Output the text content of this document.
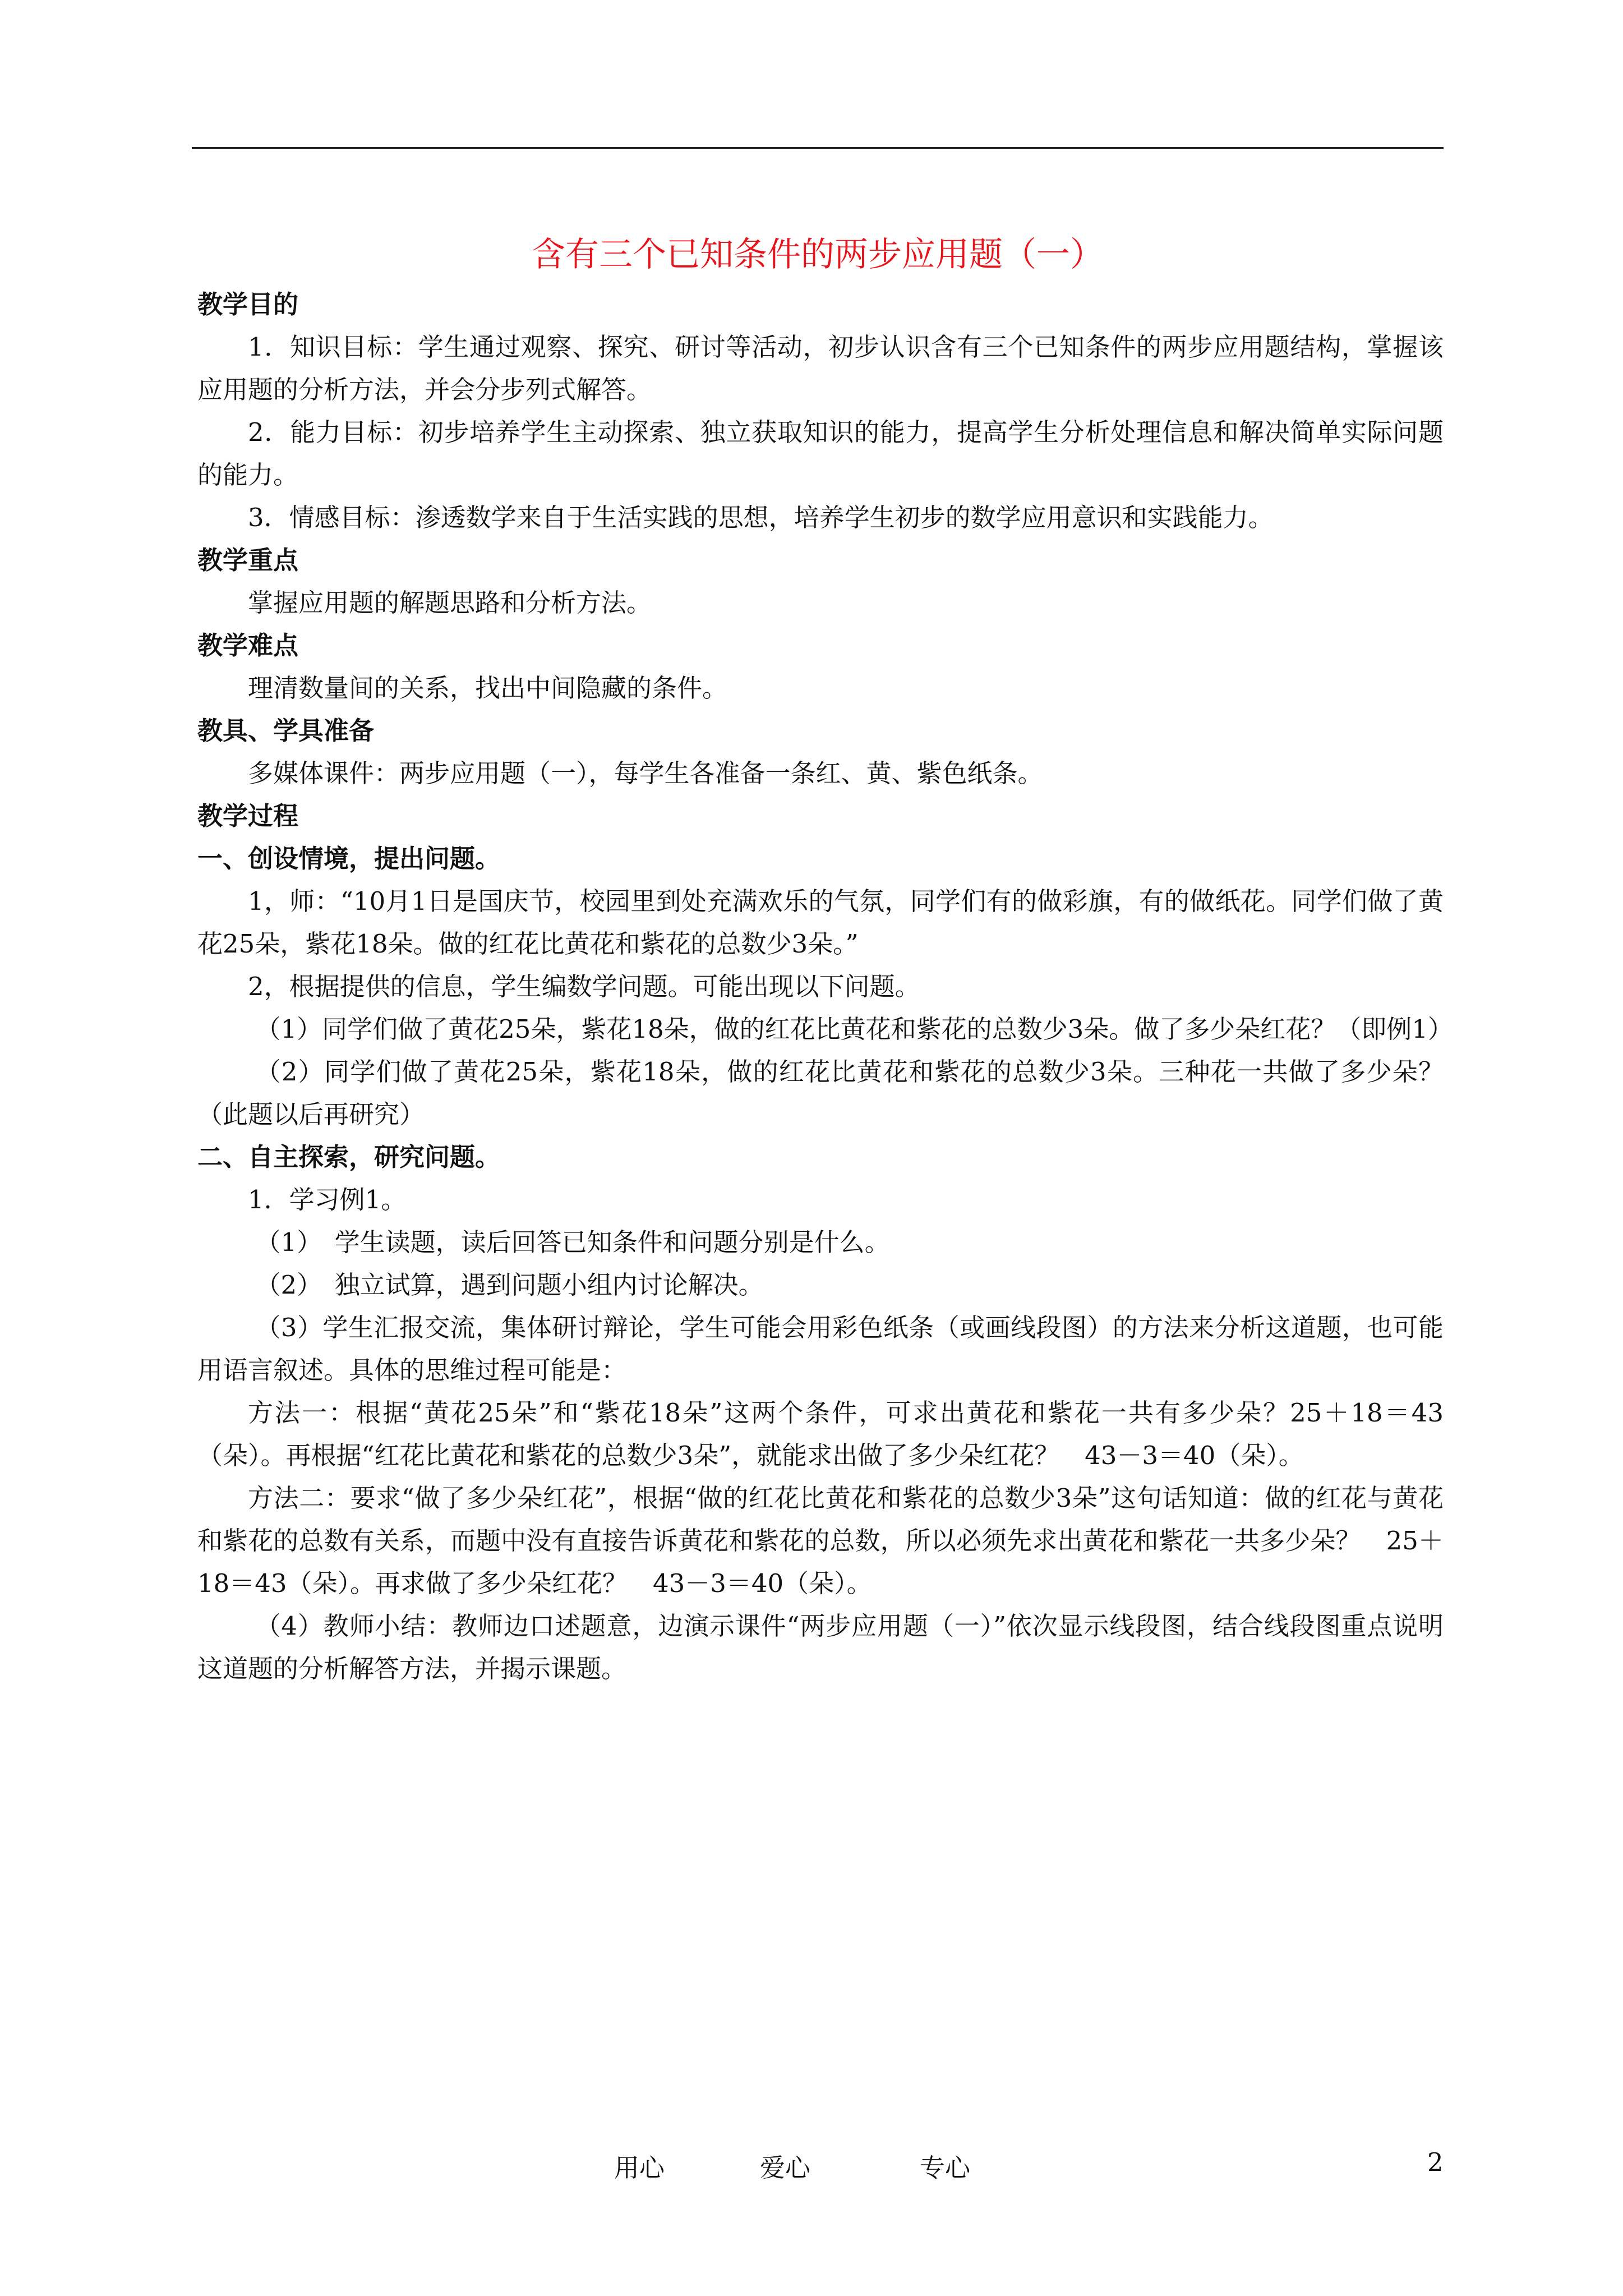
含有三个已知条件的两步应用题（一）

教学目的

1．知识目标：学生通过观察、探究、研讨等活动，初步认识含有三个已知条件的两步应用题结构，掌握该应用题的分析方法，并会分步列式解答。

2．能力目标：初步培养学生主动探索、独立获取知识的能力，提高学生分析处理信息和解决简单实际问题的能力。

3．情感目标：渗透数学来自于生活实践的思想，培养学生初步的数学应用意识和实践能力。

教学重点

掌握应用题的解题思路和分析方法。

教学难点

理清数量间的关系，找出中间隐藏的条件。

教具、学具准备

多媒体课件：两步应用题（一），每学生各准备一条红、黄、紫色纸条。

教学过程

一、创设情境，提出问题。

1，师：“10月1日是国庆节，校园里到处充满欢乐的气氛，同学们有的做彩旗，有的做纸花。同学们做了黄花25朵，紫花18朵。做的红花比黄花和紫花的总数少3朵。”

2，根据提供的信息，学生编数学问题。可能出现以下问题。

（1）同学们做了黄花25朵，紫花18朵，做的红花比黄花和紫花的总数少3朵。做了多少朵红花？（即例1）

（2）同学们做了黄花25朵，紫花18朵，做的红花比黄花和紫花的总数少3朵。三种花一共做了多少朵？（此题以后再研究）

二、自主探索，研究问题。

1．学习例1。

（1）　学生读题，读后回答已知条件和问题分别是什么。

（2）　独立试算，遇到问题小组内讨论解决。

（3）学生汇报交流，集体研讨辩论，学生可能会用彩色纸条（或画线段图）的方法来分析这道题，也可能用语言叙述。具体的思维过程可能是：

方法一：根据“黄花25朵”和“紫花18朵”这两个条件，可求出黄花和紫花一共有多少朵？25＋18＝43（朵）。再根据“红花比黄花和紫花的总数少3朵”，就能求出做了多少朵红花？　43－3＝40（朵）。

方法二：要求“做了多少朵红花”，根据“做的红花比黄花和紫花的总数少3朵”这句话知道：做的红花与黄花和紫花的总数有关系，而题中没有直接告诉黄花和紫花的总数，所以必须先求出黄花和紫花一共多少朵？　25＋18＝43（朵）。再求做了多少朵红花？　43－3＝40（朵）。

（4）教师小结：教师边口述题意，边演示课件“两步应用题（一）”依次显示线段图，结合线段图重点说明这道题的分析解答方法，并揭示课题。

用心	爱心	专心	2
